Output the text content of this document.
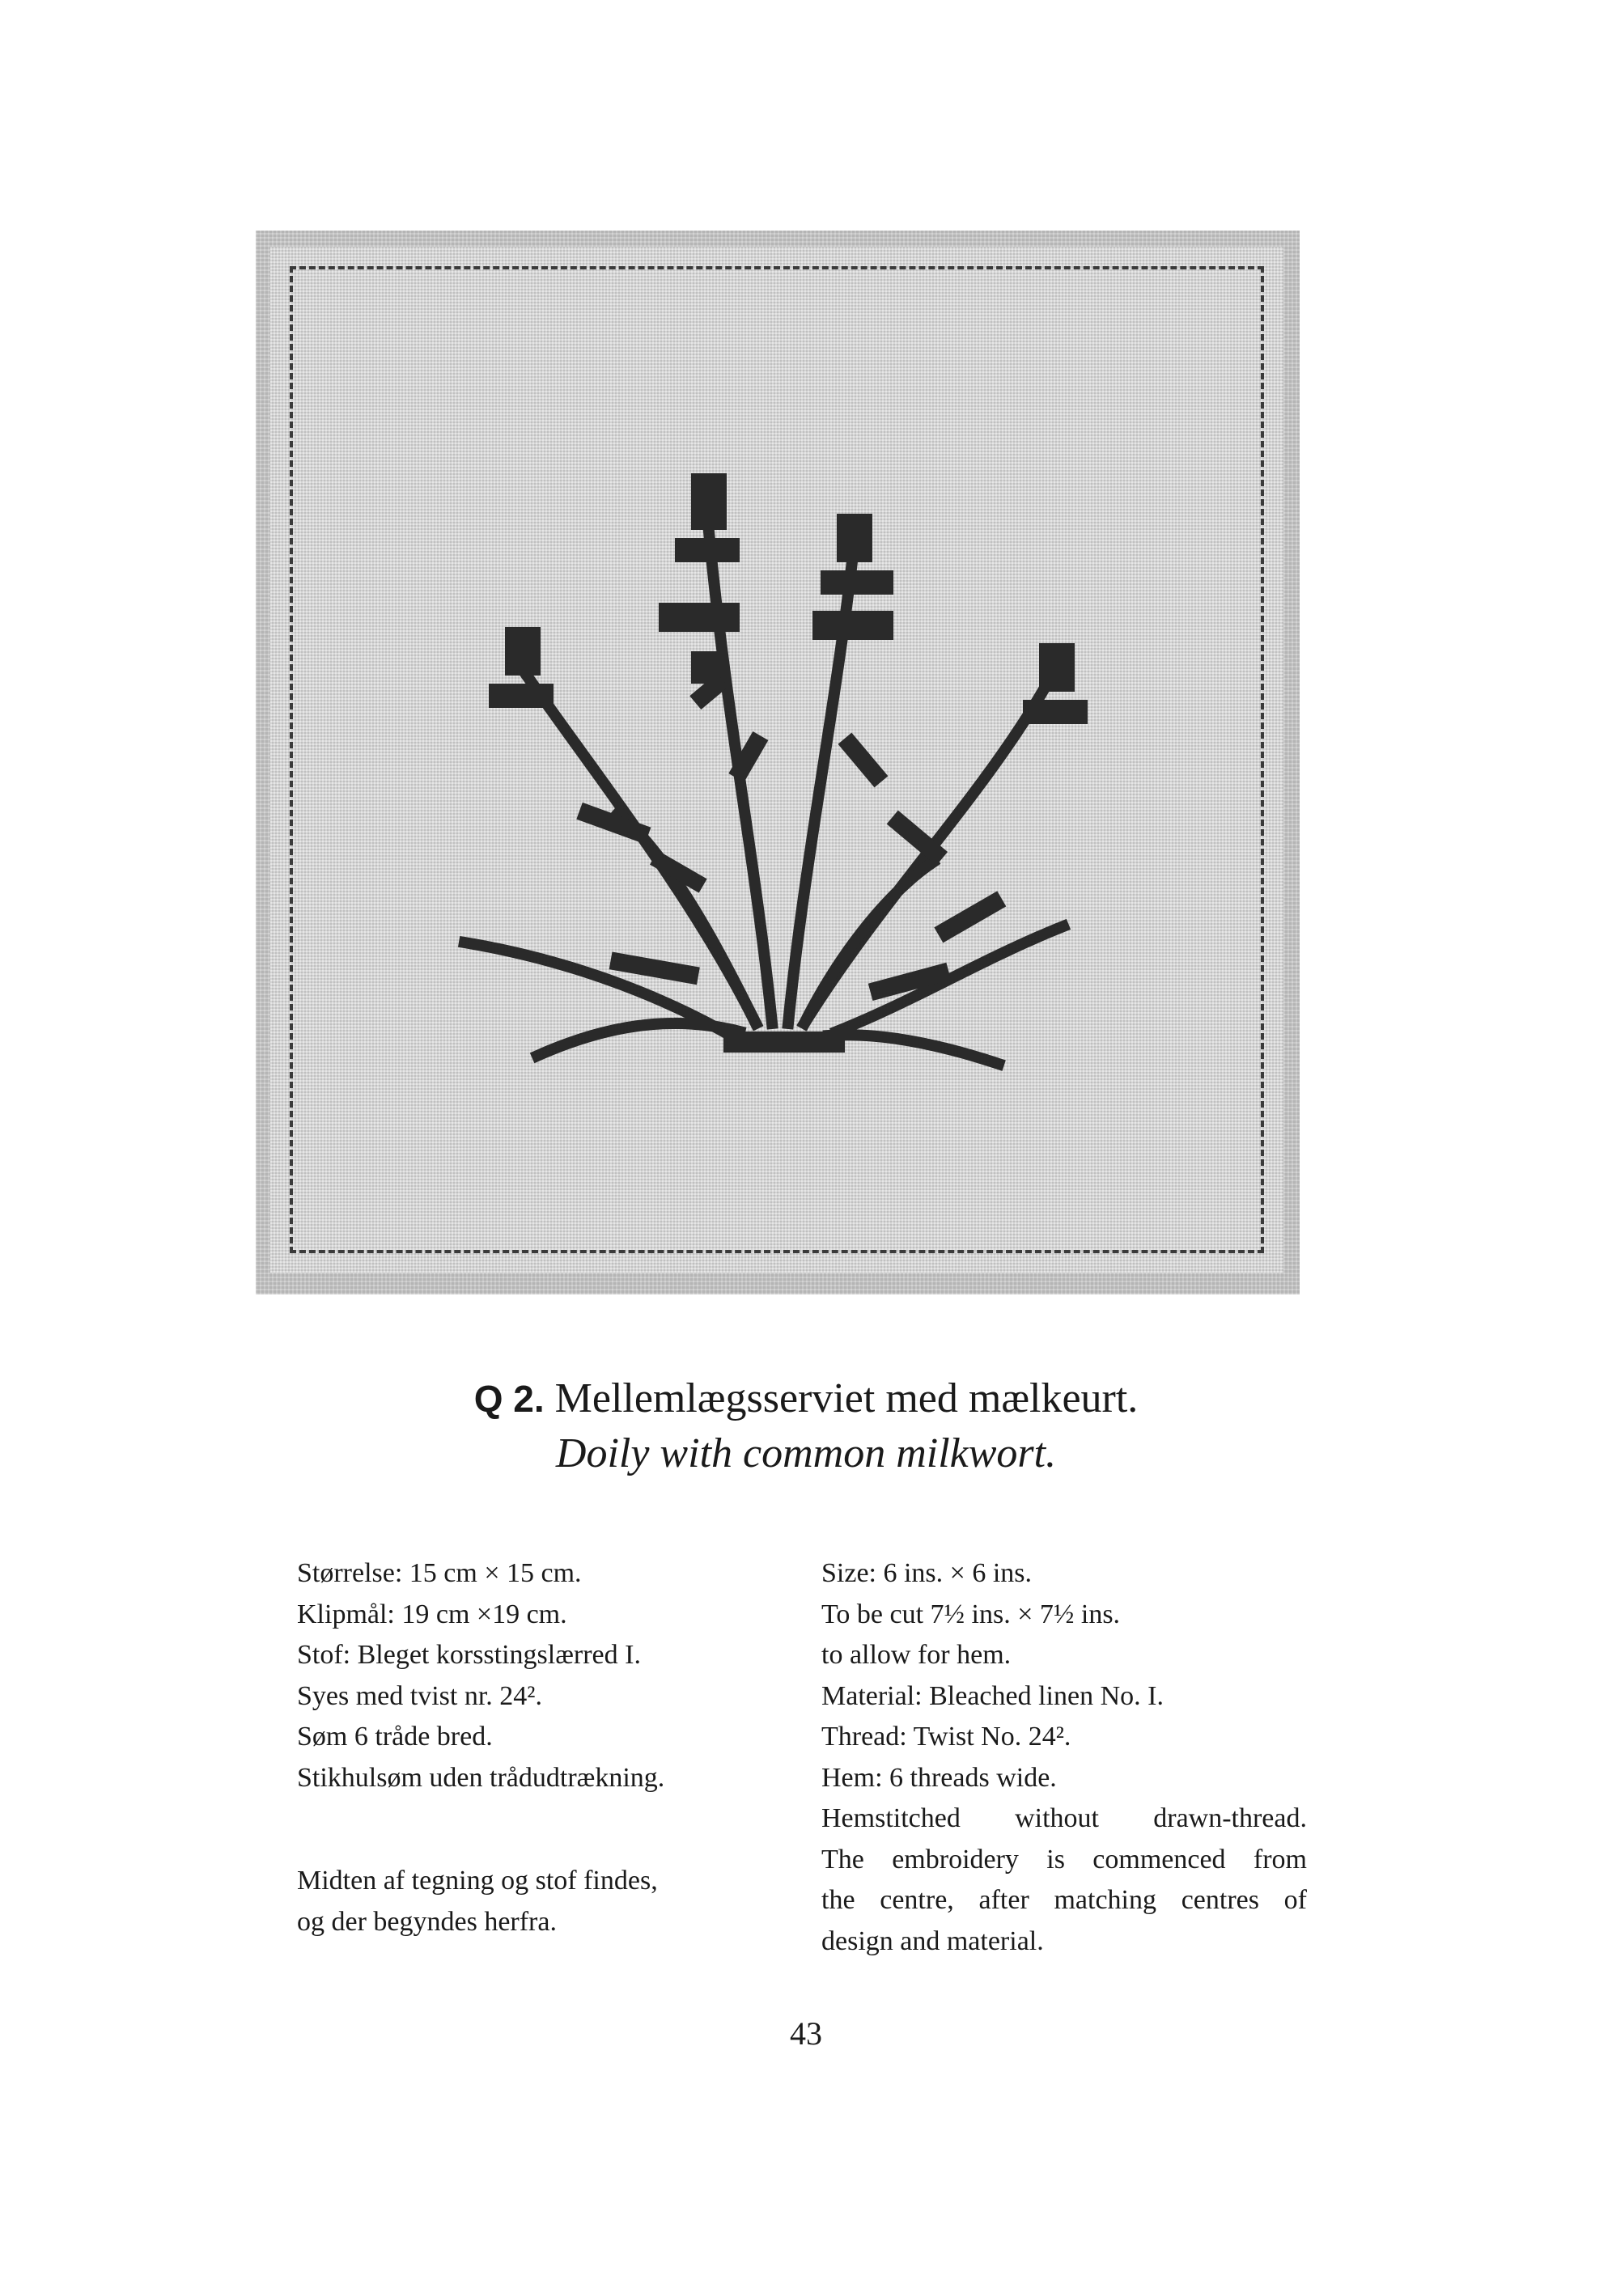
Q 2. Mellemlægsserviet med mælkeurt.
Doily with common milkwort.
Størrelse: 15 cm × 15 cm.
Klipmål: 19 cm ×19 cm.
Stof: Bleget korsstingslærred I.
Syes med tvist nr. 24².
Søm 6 tråde bred.
Stikhulsøm uden trådudtrækning.
Midten af tegning og stof findes,
og der begyndes herfra.
Size: 6 ins. × 6 ins.
To be cut 7½ ins. × 7½ ins.
to allow for hem.
Material: Bleached linen No. I.
Thread: Twist No. 24².
Hem: 6 threads wide.
Hemstitched without drawn-thread.
The embroidery is commenced from
the centre, after matching centres of
design and material.
43
